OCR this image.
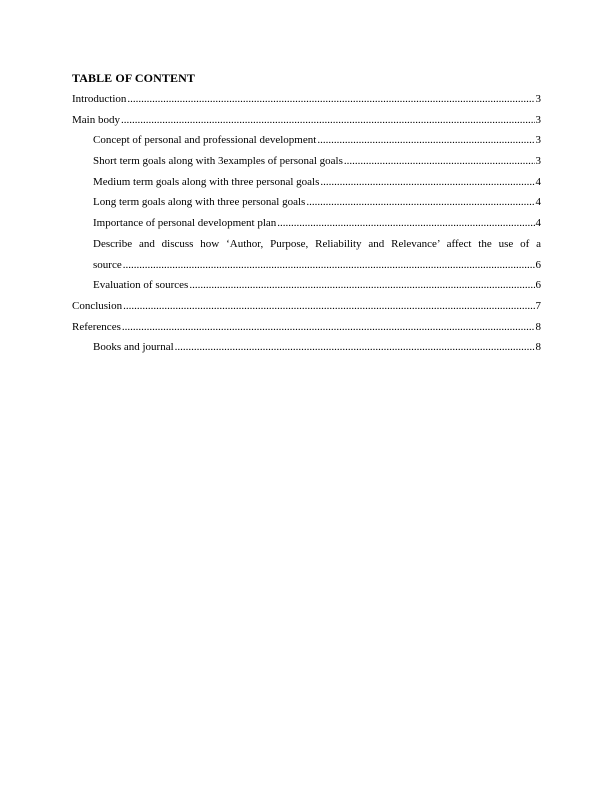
TABLE OF CONTENT
Introduction .....	3
Main body .....	3
Concept of personal and professional development .....	3
Short term goals along with 3examples of personal goals .....	3
Medium term goals along with three personal goals .....	4
Long term goals along with three personal goals .....	4
Importance of personal development plan .....	4
Describe and discuss how ‘Author, Purpose, Reliability and Relevance’ affect the use of a
source .....	6
Evaluation of sources .....	6
Conclusion .....	7
References .....	8
Books and journal .....	8
